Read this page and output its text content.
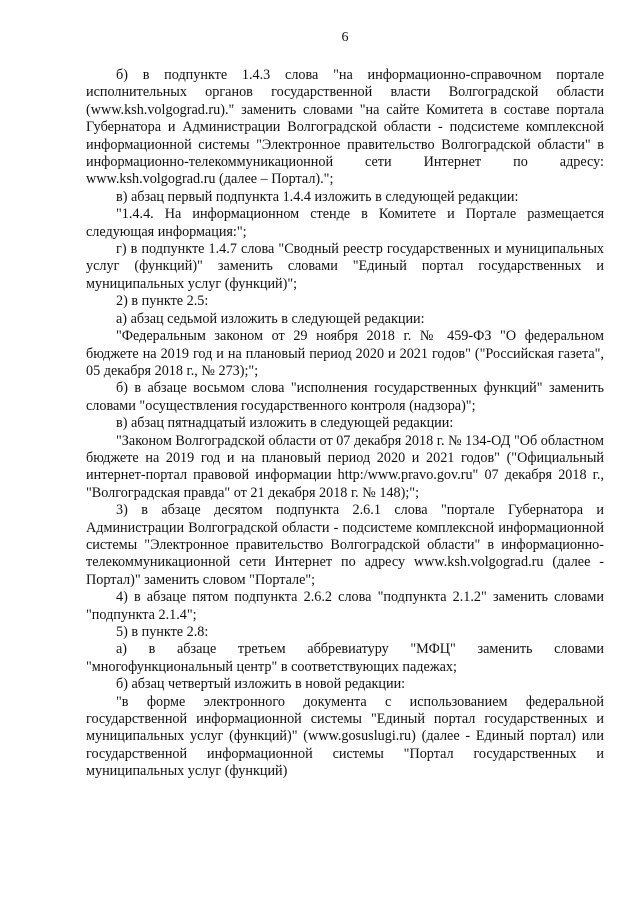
6

б) в подпункте 1.4.3 слова "на информационно-справочном портале исполнительных органов государственной власти Волгоградской области (www.ksh.volgograd.ru)." заменить словами "на сайте Комитета в составе портала Губернатора и Администрации Волгоградской области - подсистеме комплексной информационной системы "Электронное правительство Волгоградской области" в информационно-телекоммуникационной сети Интернет по адресу: www.ksh.volgograd.ru (далее – Портал).";

в) абзац первый подпункта 1.4.4 изложить в следующей редакции:

"1.4.4. На информационном стенде в Комитете и Портале размещается следующая информация:";

г) в подпункте 1.4.7 слова "Сводный реестр государственных и муниципальных услуг (функций)" заменить словами "Единый портал государственных и муниципальных услуг (функций)";

2) в пункте 2.5:

а) абзац седьмой изложить в следующей редакции:

"Федеральным законом от 29 ноября 2018 г. № 459-ФЗ "О федеральном бюджете на 2019 год и на плановый период 2020 и 2021 годов" ("Российская газета", 05 декабря 2018 г., № 273);";

б) в абзаце восьмом слова "исполнения государственных функций" заменить словами "осуществления государственного контроля (надзора)";

в) абзац пятнадцатый изложить в следующей редакции:

"Законом Волгоградской области от 07 декабря 2018 г. № 134-ОД "Об областном бюджете на 2019 год и на плановый период 2020 и 2021 годов" ("Официальный интернет-портал правовой информации http:/www.pravo.gov.ru" 07 декабря 2018 г., "Волгоградская правда" от 21 декабря 2018 г. № 148);";

3) в абзаце десятом подпункта 2.6.1 слова "портале Губернатора и Администрации Волгоградской области - подсистеме комплексной информационной системы "Электронное правительство Волгоградской области" в информационно-телекоммуникационной сети Интернет по адресу www.ksh.volgograd.ru (далее - Портал)" заменить словом "Портале";

4) в абзаце пятом подпункта 2.6.2 слова "подпункта 2.1.2" заменить словами "подпункта 2.1.4";

5) в пункте 2.8:

а) в абзаце третьем аббревиатуру "МФЦ" заменить словами "многофункциональный центр" в соответствующих падежах;

б) абзац четвертый изложить в новой редакции:

"в форме электронного документа с использованием федеральной государственной информационной системы "Единый портал государственных и муниципальных услуг (функций)" (www.gosuslugi.ru) (далее - Единый портал) или государственной информационной системы "Портал государственных и муниципальных услуг (функций)
